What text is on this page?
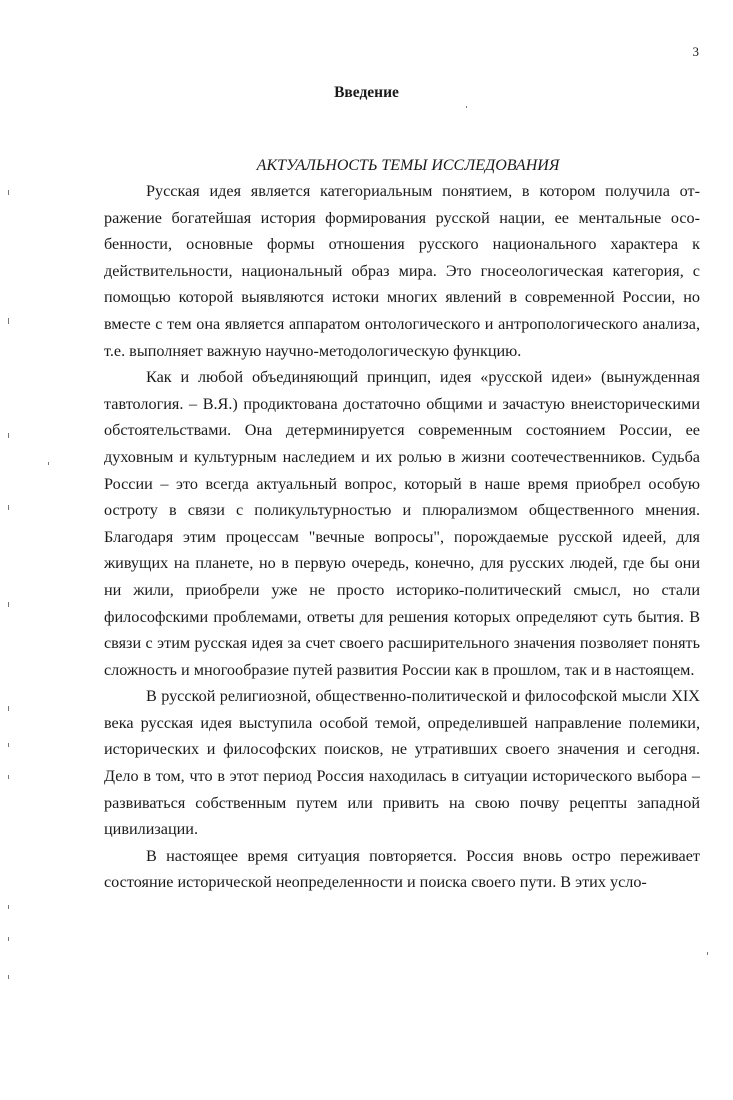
3
Введение

АКТУАЛЬНОСТЬ ТЕМЫ ИССЛЕДОВАНИЯ

Русская идея является категориальным понятием, в котором получила отражение богатейшая история формирования русской нации, ее ментальные особенности, основные формы отношения русского национального характера к действительности, национальный образ мира. Это гносеологическая категория, с помощью которой выявляются истоки многих явлений в современной России, но вместе с тем она является аппаратом онтологического и антропологического анализа, т.е. выполняет важную научно-методологическую функцию.

Как и любой объединяющий принцип, идея «русской идеи» (вынужденная тавтология. – В.Я.) продиктована достаточно общими и зачастую внеисторическими обстоятельствами. Она детерминируется современным состоянием России, ее духовным и культурным наследием и их ролью в жизни соотечественников. Судьба России – это всегда актуальный вопрос, который в наше время приобрел особую остроту в связи с поликультурностью и плюрализмом общественного мнения. Благодаря этим процессам "вечные вопросы", порождаемые русской идеей, для живущих на планете, но в первую очередь, конечно, для русских людей, где бы они ни жили, приобрели уже не просто историко-политический смысл, но стали философскими проблемами, ответы для решения которых определяют суть бытия. В связи с этим русская идея за счет своего расширительного значения позволяет понять сложность и многообразие путей развития России как в прошлом, так и в настоящем.

В русской религиозной, общественно-политической и философской мысли XIX века русская идея выступила особой темой, определившей направление полемики, исторических и философских поисков, не утративших своего значения и сегодня. Дело в том, что в этот период Россия находилась в ситуации исторического выбора – развиваться собственным путем или привить на свою почву рецепты западной цивилизации.

В настоящее время ситуация повторяется. Россия вновь остро переживает состояние исторической неопределенности и поиска своего пути. В этих усло-
